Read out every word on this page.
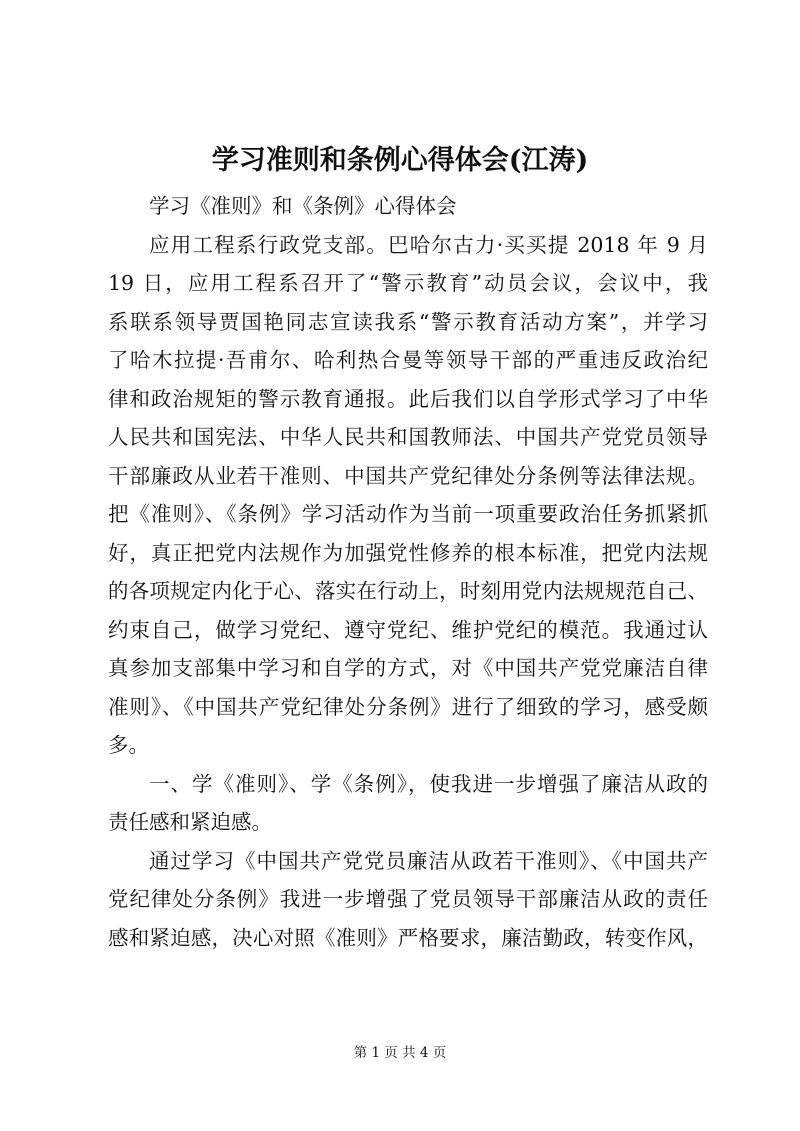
学习准则和条例心得体会(江涛)
学习《准则》和《条例》心得体会
应用工程系行政党支部。巴哈尔古力·买买提 2018 年 9 月
19 日，应用工程系召开了“警示教育”动员会议，会议中，我
系联系领导贾国艳同志宣读我系“警示教育活动方案”，并学习
了哈木拉提·吾甫尔、哈利热合曼等领导干部的严重违反政治纪
律和政治规矩的警示教育通报。此后我们以自学形式学习了中华
人民共和国宪法、中华人民共和国教师法、中国共产党党员领导
干部廉政从业若干准则、中国共产党纪律处分条例等法律法规。
把《准则》、《条例》学习活动作为当前一项重要政治任务抓紧抓
好，真正把党内法规作为加强党性修养的根本标准，把党内法规
的各项规定内化于心、落实在行动上，时刻用党内法规规范自己、
约束自己，做学习党纪、遵守党纪、维护党纪的模范。我通过认
真参加支部集中学习和自学的方式，对《中国共产党党廉洁自律
准则》、《中国共产党纪律处分条例》进行了细致的学习，感受颇
多。
一、学《准则》、学《条例》，使我进一步增强了廉洁从政的
责任感和紧迫感。
通过学习《中国共产党党员廉洁从政若干准则》、《中国共产
党纪律处分条例》我进一步增强了党员领导干部廉洁从政的责任
感和紧迫感，决心对照《准则》严格要求，廉洁勤政，转变作风，
第 1 页 共 4 页
